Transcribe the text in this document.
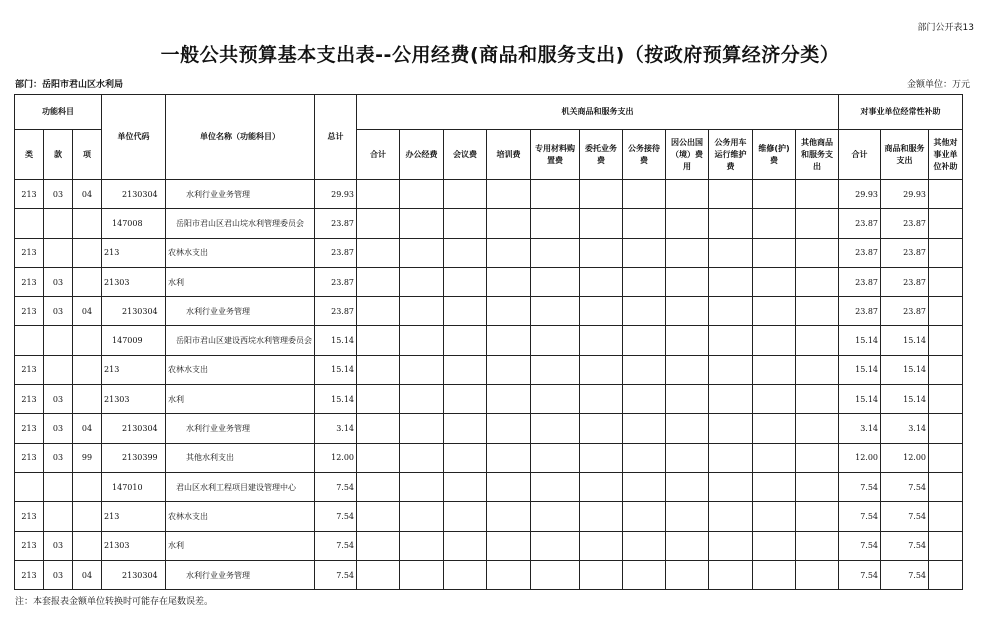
部门公开表13
一般公共预算基本支出表--公用经费(商品和服务支出)（按政府预算经济分类）
部门：岳阳市君山区水利局	金额单位：万元
功能科目			单位代码	单位名称（功能科目）	总计	机关商品和服务支出											对事业单位经常性补助		
类	款	项				合计	办公经费	会议费	培训费	专用材料购置费	委托业务费	公务接待费	因公出国（境）费用	公务用车运行维护费	维修(护)费	其他商品和服务支出	合计	商品和服务支出	其他对事业单位补助
213	03	04	2130304	水利行业业务管理	29.93												29.93	29.93	
			147008	岳阳市君山区君山垸水利管理委员会	23.87												23.87	23.87	
213			213	农林水支出	23.87												23.87	23.87	
213	03		21303	水利	23.87												23.87	23.87	
213	03	04	2130304	水利行业业务管理	23.87												23.87	23.87	
			147009	岳阳市君山区建设西垸水利管理委员会	15.14												15.14	15.14	
213			213	农林水支出	15.14												15.14	15.14	
213	03		21303	水利	15.14												15.14	15.14	
213	03	04	2130304	水利行业业务管理	3.14												3.14	3.14	
213	03	99	2130399	其他水利支出	12.00												12.00	12.00	
			147010	君山区水利工程项目建设管理中心	7.54												7.54	7.54	
213			213	农林水支出	7.54												7.54	7.54	
213	03		21303	水利	7.54												7.54	7.54	
213	03	04	2130304	水利行业业务管理	7.54												7.54	7.54	
注：本套报表金额单位转换时可能存在尾数误差。
